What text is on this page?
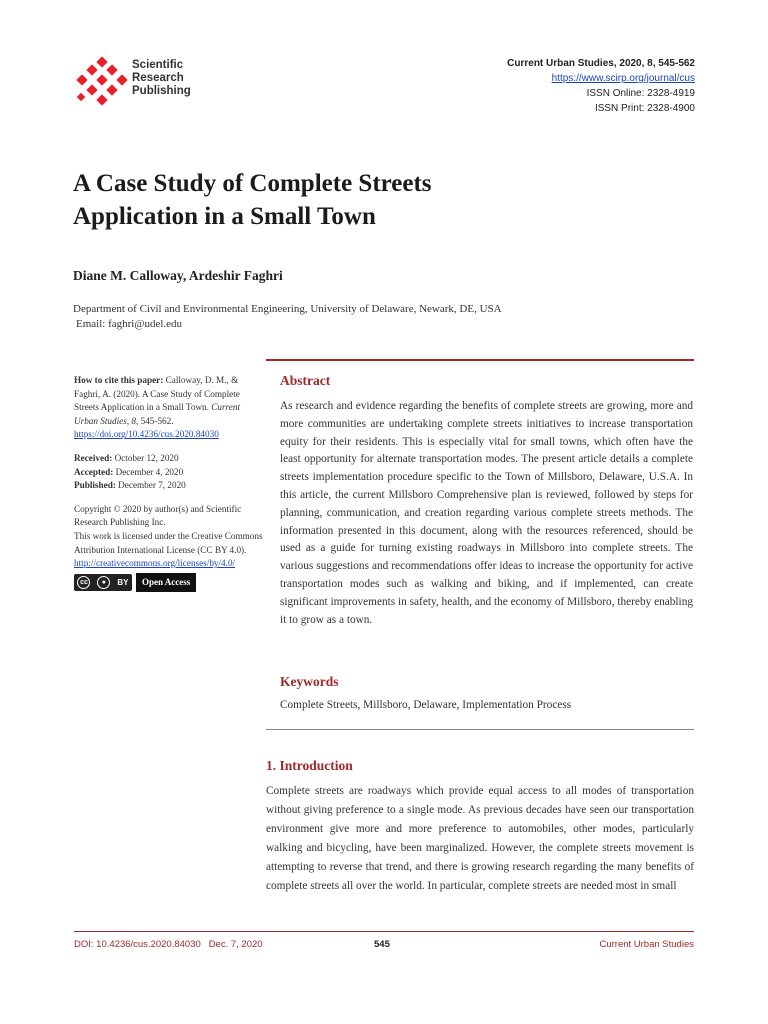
Scientific
Research
Publishing
Current Urban Studies, 2020, 8, 545-562
https://www.scirp.org/journal/cus
ISSN Online: 2328-4919
ISSN Print: 2328-4900
A Case Study of Complete Streets
Application in a Small Town
Diane M. Calloway, Ardeshir Faghri
Department of Civil and Environmental Engineering, University of Delaware, Newark, DE, USA
Email: faghri@udel.edu
How to cite this paper: Calloway, D. M., & Faghri, A. (2020). A Case Study of Complete Streets Application in a Small Town. Current Urban Studies, 8, 545-562.
https://doi.org/10.4236/cus.2020.84030
Received: October 12, 2020
Accepted: December 4, 2020
Published: December 7, 2020
Copyright © 2020 by author(s) and Scientific Research Publishing Inc.
This work is licensed under the Creative Commons Attribution International License (CC BY 4.0).
http://creativecommons.org/licenses/by/4.0/
cc	●	BY	Open Access
Abstract
As research and evidence regarding the benefits of complete streets are growing, more and more communities are undertaking complete streets initiatives to increase transportation equity for their residents. This is especially vital for small towns, which often have the least opportunity for alternate transportation modes. The present article details a complete streets implementation procedure specific to the Town of Millsboro, Delaware, U.S.A. In this article, the current Millsboro Comprehensive plan is reviewed, followed by steps for planning, communication, and creation regarding various complete streets methods. The information presented in this document, along with the resources referenced, should be used as a guide for turning existing roadways in Millsboro into complete streets. The various suggestions and recommendations offer ideas to increase the opportunity for active transportation modes such as walking and biking, and if implemented, can create significant improvements in safety, health, and the economy of Millsboro, thereby enabling it to grow as a town.
Keywords
Complete Streets, Millsboro, Delaware, Implementation Process
1. Introduction
Complete streets are roadways which provide equal access to all modes of transportation without giving preference to a single mode. As previous decades have seen our transportation environment give more and more preference to automobiles, other modes, particularly walking and bicycling, have been marginalized. However, the complete streets movement is attempting to reverse that trend, and there is growing research regarding the many benefits of complete streets all over the world. In particular, complete streets are needed most in small
DOI: 10.4236/cus.2020.84030 Dec. 7, 2020	545	Current Urban Studies
